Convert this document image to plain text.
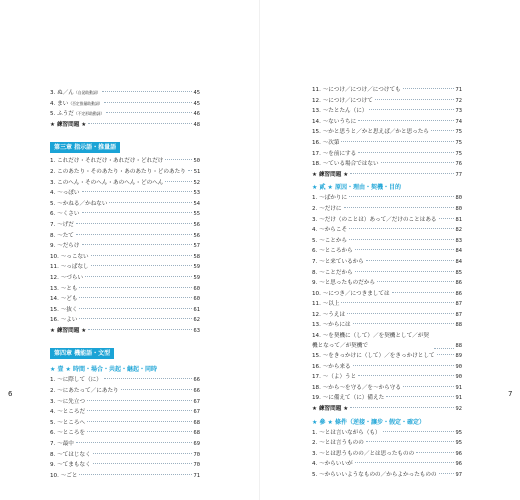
3. ぬ／ん （自発助動詞）	45
4. まい （否定推量助動詞）	45
5. ふうだ （不定形助動詞）	46
★ 練習問題 ★	48
第三章 指示語・推量語
1. これだけ・それだけ・あれだけ・どれだけ	50
2. このあたり・そのあたり・あのあたり・どのあたり 51
3. このへん・そのへん・あのへん・どのへん	52
4. ～っぽい	53
5. ～かねる／かねない	54
6. ～くさい	55
7. ～げだ	56
8. ～たて	56
9. ～だらけ	57
10. ～っこない	58
11. ～っぱなし	59
12. ～づらい	59
13. ～とも	60
14. ～ども	60
15. ～抜く	61
16. ～よい	62
★ 練習問題 ★	63
第四章 機能語・文型
★ 壹 ★ 時間・場合・共起・継起・同時
1. ～に際して（に）	66
2. ～にあたって／にあたり	66
3. ～に先立つ	67
4. ～ところだ	67
5. ～ところへ	68
6. ～ところを	68
7. ～最中	69
8. ～てはじなく	70
9. ～てまもなく	70
10. ～ごと	71
6
11. ～につけ／につけ／につけても	71
12. ～につけ／につけて	72
13. ～たとたん（に）	73
14. ～ないうちに	74
15. ～かと思うと／かと思えば／かと思ったら	75
16. ～次第	75
17. ～を前にする	75
18. ～ている場合ではない	76
★ 練習問題 ★	77
★ 貳 ★ 原因・理由・契機・目的
1. ～ばかりに	80
2. ～だけに	80
3. ～だけ（のことは）あって／だけのことはある	81
4. ～からこそ	82
5. ～ことから	83
6. ～ところから	84
7. ～と来ているから	84
8. ～ことだから	85
9. ～と思ったものだから	86
10. ～につき／につきましては	86
11. ～以上	87
12. ～うえは	87
13. ～からには	88
14. ～を契機に（して）／を契機として／が契機となって／が契機で	88
15. ～をきっかけに（して）／をきっかけとして	89
16. ～から来る	90
17. ～（よ）うと	90
18. ～から～を守る／を～から守る	91
19. ～に備えて（に）備えた	91
★ 練習問題 ★	92
★ 參 ★ 條件（逆接・讓步・假定・確定）
1. ～とは言いながら（も）	95
2. ～とは言うものの	95
3. ～とは思うものの／とは思ったものの	96
4. ～からいいが	96
5. ～からいいようなものの／からよかったものの	97
7
